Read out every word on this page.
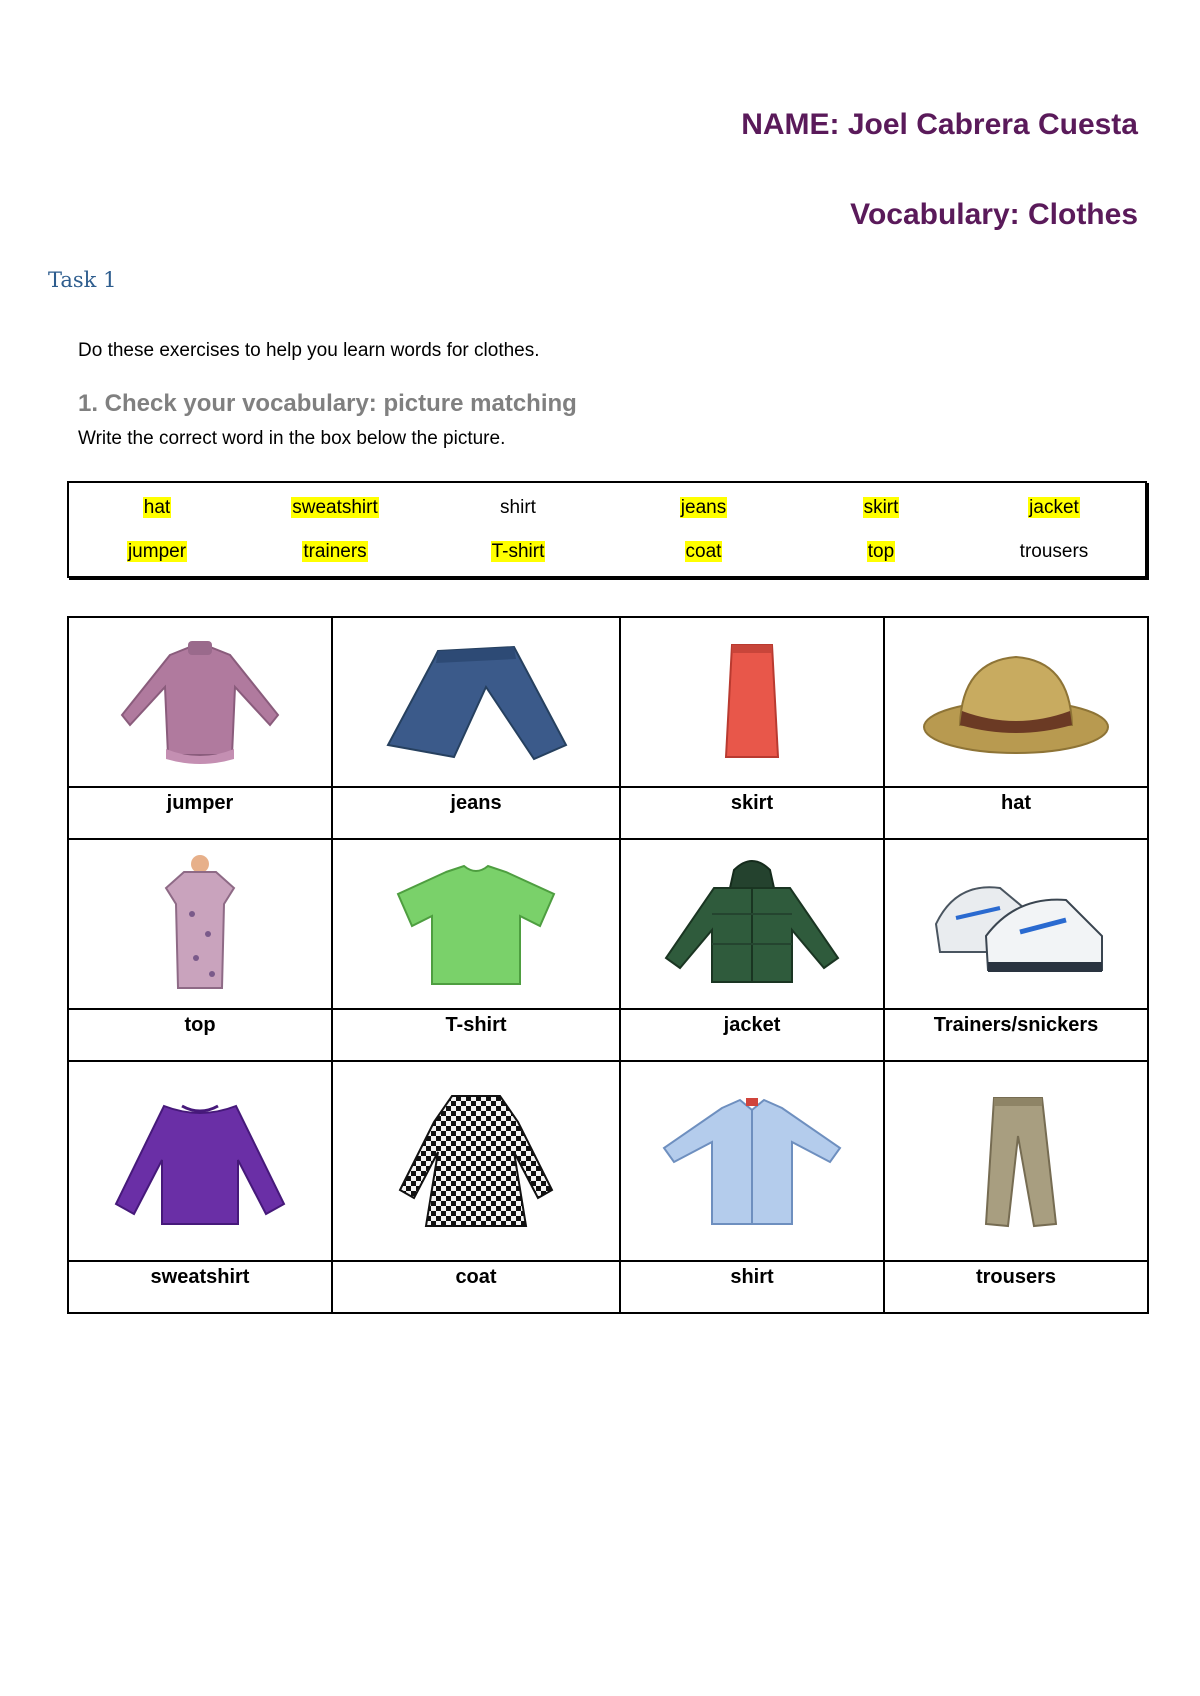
NAME: Joel Cabrera Cuesta
Vocabulary: Clothes
Task 1
Do these exercises to help you learn words for clothes.
1. Check your vocabulary: picture matching
Write the correct word in the box below the picture.
hat	sweatshirt	shirt	jeans	skirt	jacket
jumper	trainers	T-shirt	coat	top	trousers

jumper	jeans	skirt	hat

top	T-shirt	jacket	Trainers/snickers

sweatshirt	coat	shirt	trousers
